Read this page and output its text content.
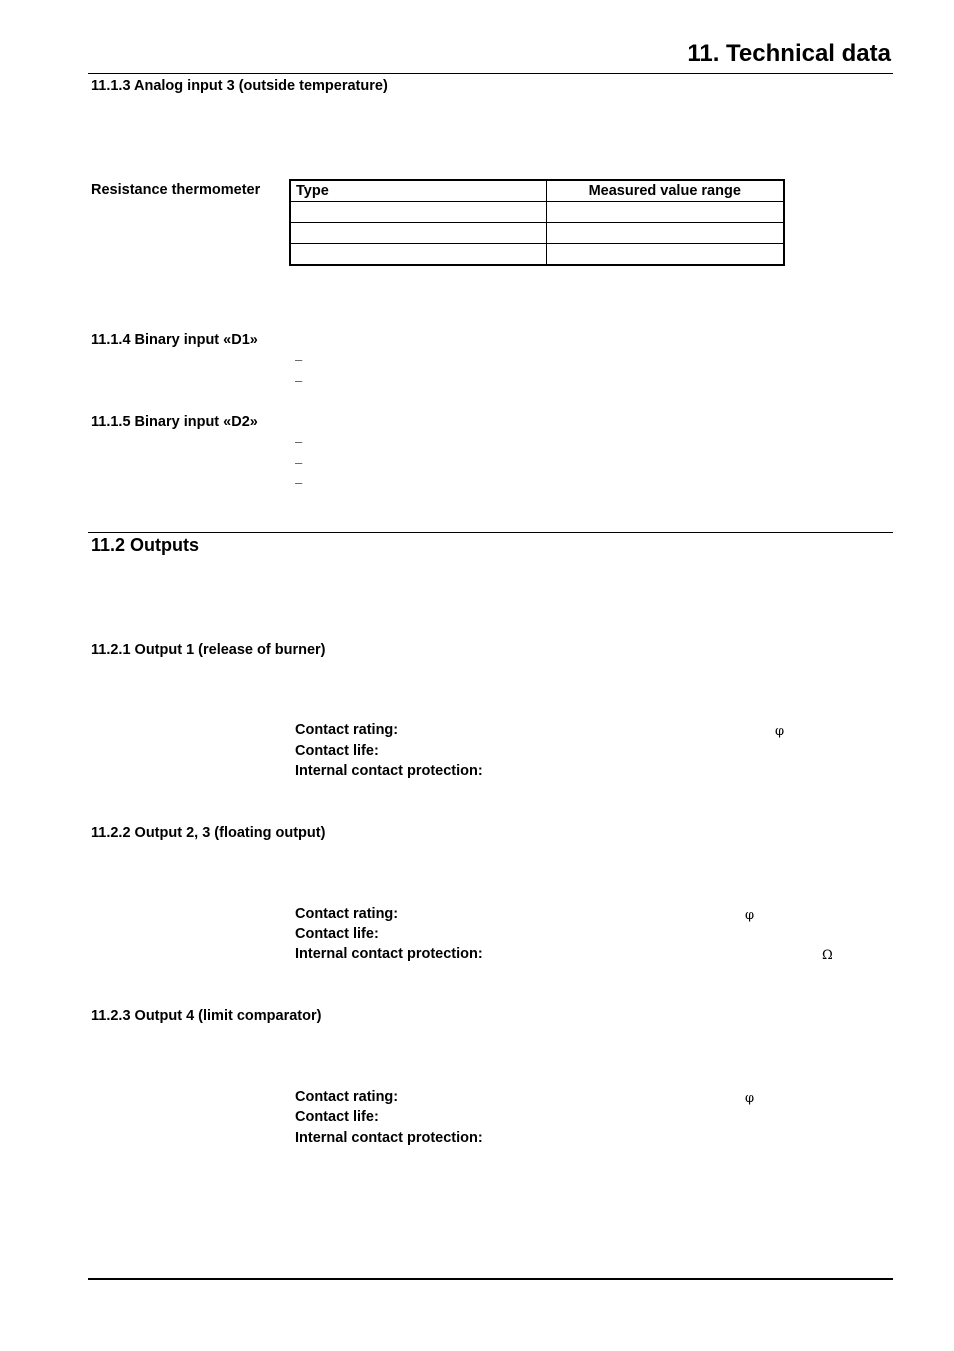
11. Technical data
11.1.3 Analog input 3 (outside temperature)
Resistance thermometer Type	Measured value range

11.1.4 Binary input «D1»
–
–
11.1.5 Binary input «D2»
–
–
–
11.2 Outputs
11.2.1 Output 1 (release of burner)
Contact rating:	φ
Contact life:
Internal contact protection:
11.2.2 Output 2, 3 (floating output)
Contact rating:	φ
Contact life:
Internal contact protection:	Ω
11.2.3 Output 4 (limit comparator)
Contact rating:	φ
Contact life:
Internal contact protection:
